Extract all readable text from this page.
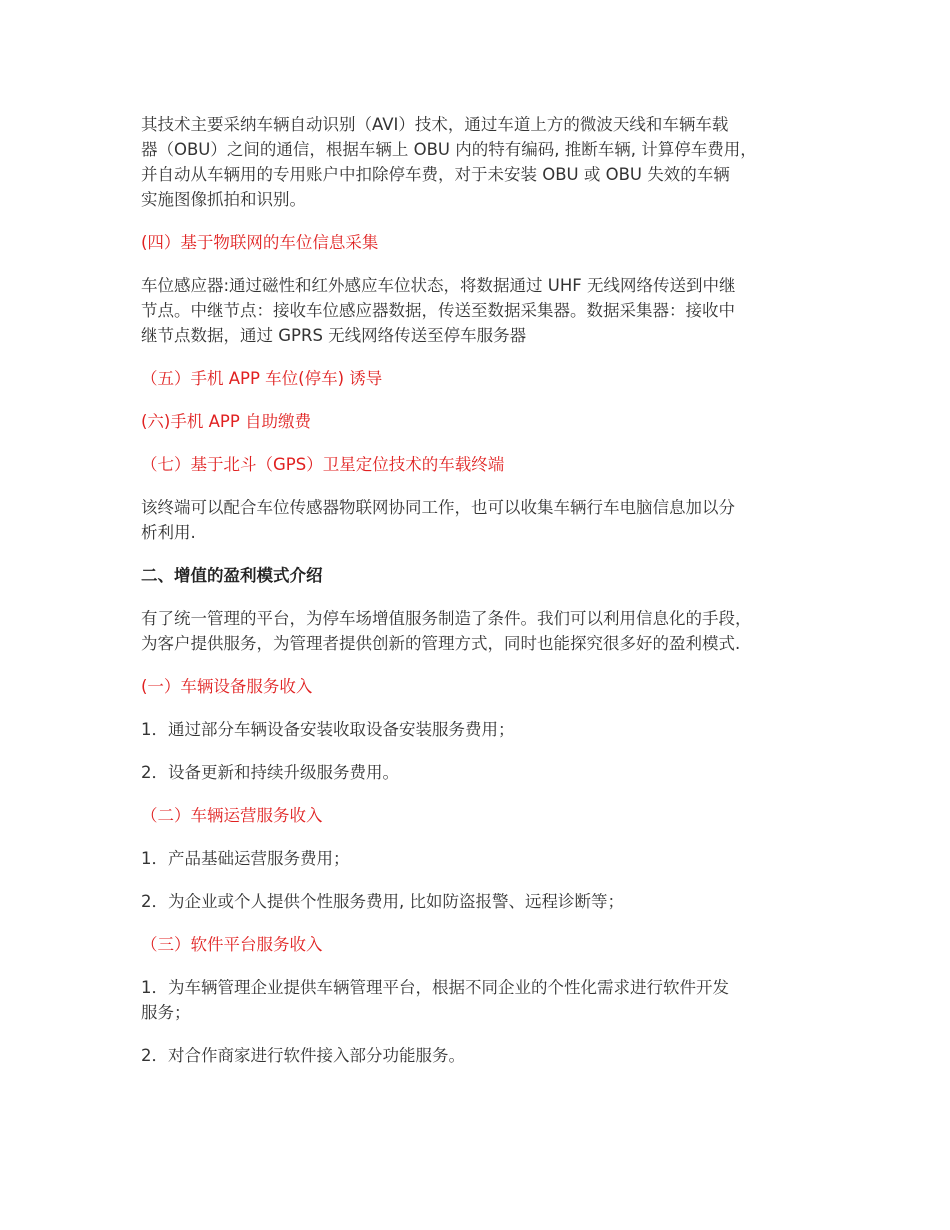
其技术主要采纳车辆自动识别（AVI）技术，通过车道上方的微波天线和车辆车载
器（OBU）之间的通信，根据车辆上 OBU 内的特有编码, 推断车辆, 计算停车费用，
并自动从车辆用的专用账户中扣除停车费，对于未安装 OBU 或 OBU 失效的车辆
实施图像抓拍和识别。
(四）基于物联网的车位信息采集
车位感应器:通过磁性和红外感应车位状态，将数据通过 UHF 无线网络传送到中继
节点。中继节点：接收车位感应器数据，传送至数据采集器。数据采集器：接收中
继节点数据，通过 GPRS 无线网络传送至停车服务器
（五）手机 APP 车位(停车) 诱导
(六)手机 APP 自助缴费
（七）基于北斗（GPS）卫星定位技术的车载终端
该终端可以配合车位传感器物联网协同工作，也可以收集车辆行车电脑信息加以分
析利用.
二、增值的盈利模式介绍
有了统一管理的平台，为停车场增值服务制造了条件。我们可以利用信息化的手段，
为客户提供服务，为管理者提供创新的管理方式，同时也能探究很多好的盈利模式.
(一）车辆设备服务收入
1．通过部分车辆设备安装收取设备安装服务费用；
2．设备更新和持续升级服务费用。
（二）车辆运营服务收入
1．产品基础运营服务费用；
2．为企业或个人提供个性服务费用, 比如防盗报警、远程诊断等；
（三）软件平台服务收入
1．为车辆管理企业提供车辆管理平台，根据不同企业的个性化需求进行软件开发
服务；
2．对合作商家进行软件接入部分功能服务。
